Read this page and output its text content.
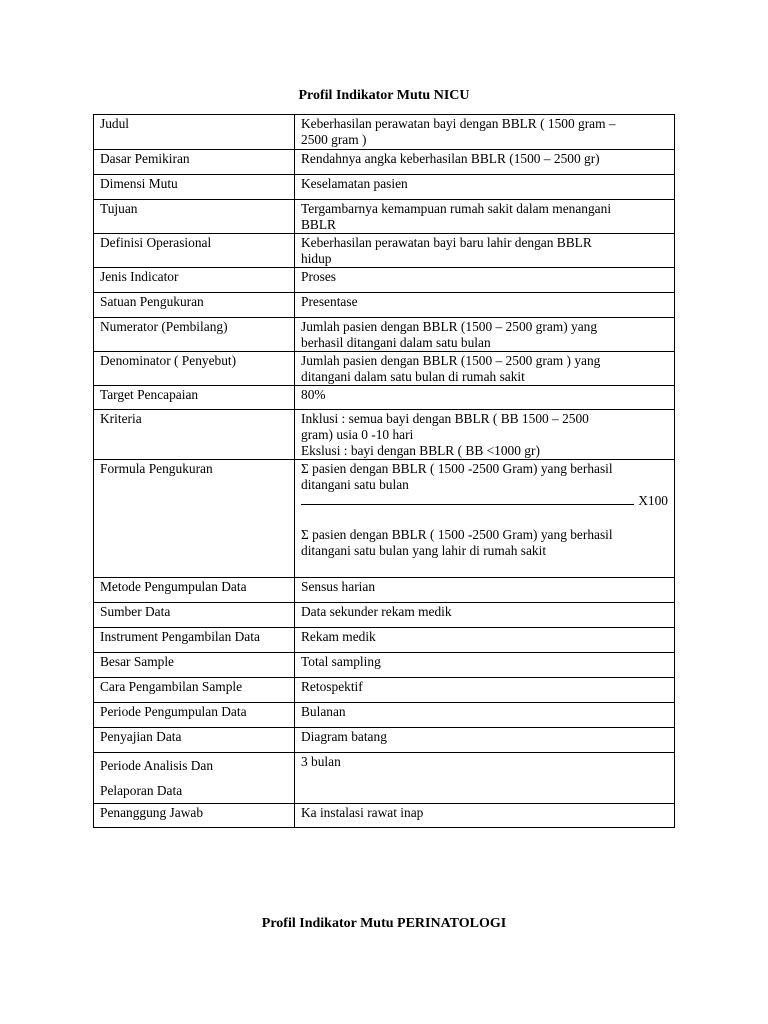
Profil Indikator Mutu NICU
Judul	Keberhasilan perawatan bayi dengan BBLR ( 1500 gram –
2500 gram )

Dasar Pemikiran	Rendahnya angka keberhasilan BBLR (1500 – 2500 gr)

Dimensi Mutu	Keselamatan pasien

Tujuan	Tergambarnya kemampuan rumah sakit dalam menangani
BBLR

Definisi Operasional	Keberhasilan perawatan bayi baru lahir dengan BBLR
hidup

Jenis Indicator	Proses

Satuan Pengukuran	Presentase

Numerator (Pembilang)	Jumlah pasien dengan BBLR (1500 – 2500 gram) yang
berhasil ditangani dalam satu bulan

Denominator ( Penyebut)	Jumlah pasien dengan BBLR (1500 – 2500 gram ) yang
ditangani dalam satu bulan di rumah sakit

Target Pencapaian	80%

Kriteria	Inklusi : semua bayi dengan BBLR ( BB 1500 – 2500
gram) usia 0 -10 hari
Ekslusi : bayi dengan BBLR ( BB <1000 gr)

Formula Pengukuran	Σ pasien dengan BBLR ( 1500 -2500 Gram) yang berhasil
ditangani satu bulan
X100
Σ pasien dengan BBLR ( 1500 -2500 Gram) yang berhasil
ditangani satu bulan yang lahir di rumah sakit

Metode Pengumpulan Data	Sensus harian

Sumber Data	Data sekunder rekam medik

Instrument Pengambilan Data	Rekam medik

Besar Sample	Total sampling

Cara Pengambilan Sample	Retospektif

Periode Pengumpulan Data	Bulanan

Penyajian Data	Diagram batang

Periode Analisis Dan
Pelaporan Data	3 bulan

Penanggung Jawab	Ka instalasi rawat inap
Profil Indikator Mutu PERINATOLOGI
